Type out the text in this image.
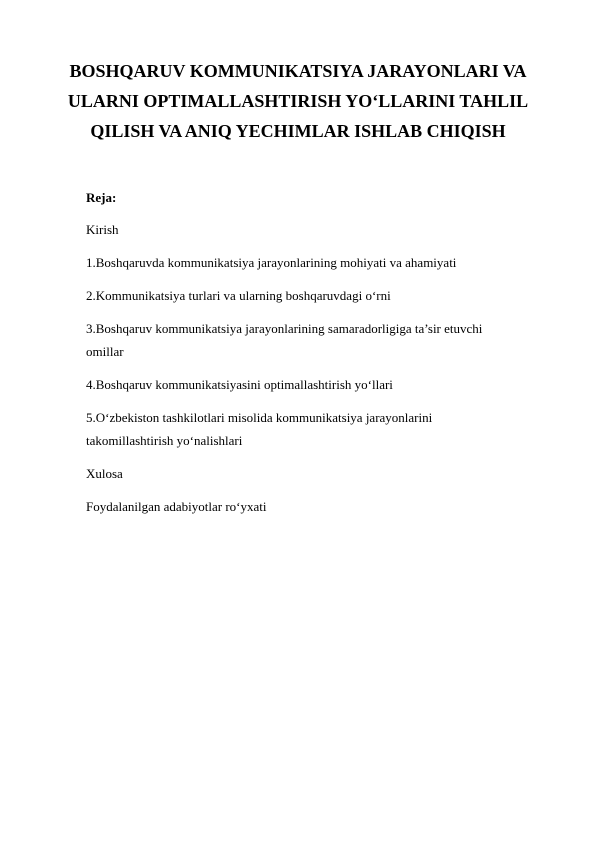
BOSHQARUV KOMMUNIKATSIYA JARAYONLARI VA
ULARNI OPTIMALLASHTIRISH YO‘LLARINI TAHLIL
QILISH VA ANIQ YECHIMLAR ISHLAB CHIQISH
Reja:
Kirish
1.Boshqaruvda kommunikatsiya jarayonlarining mohiyati va ahamiyati
2.Kommunikatsiya turlari va ularning boshqaruvdagi o‘rni
3.Boshqaruv kommunikatsiya jarayonlarining samaradorligiga ta’sir etuvchi
omillar
4.Boshqaruv kommunikatsiyasini optimallashtirish yo‘llari
5.O‘zbekiston tashkilotlari misolida kommunikatsiya jarayonlarini
takomillashtirish yo‘nalishlari
Xulosa
Foydalanilgan adabiyotlar ro‘yxati
